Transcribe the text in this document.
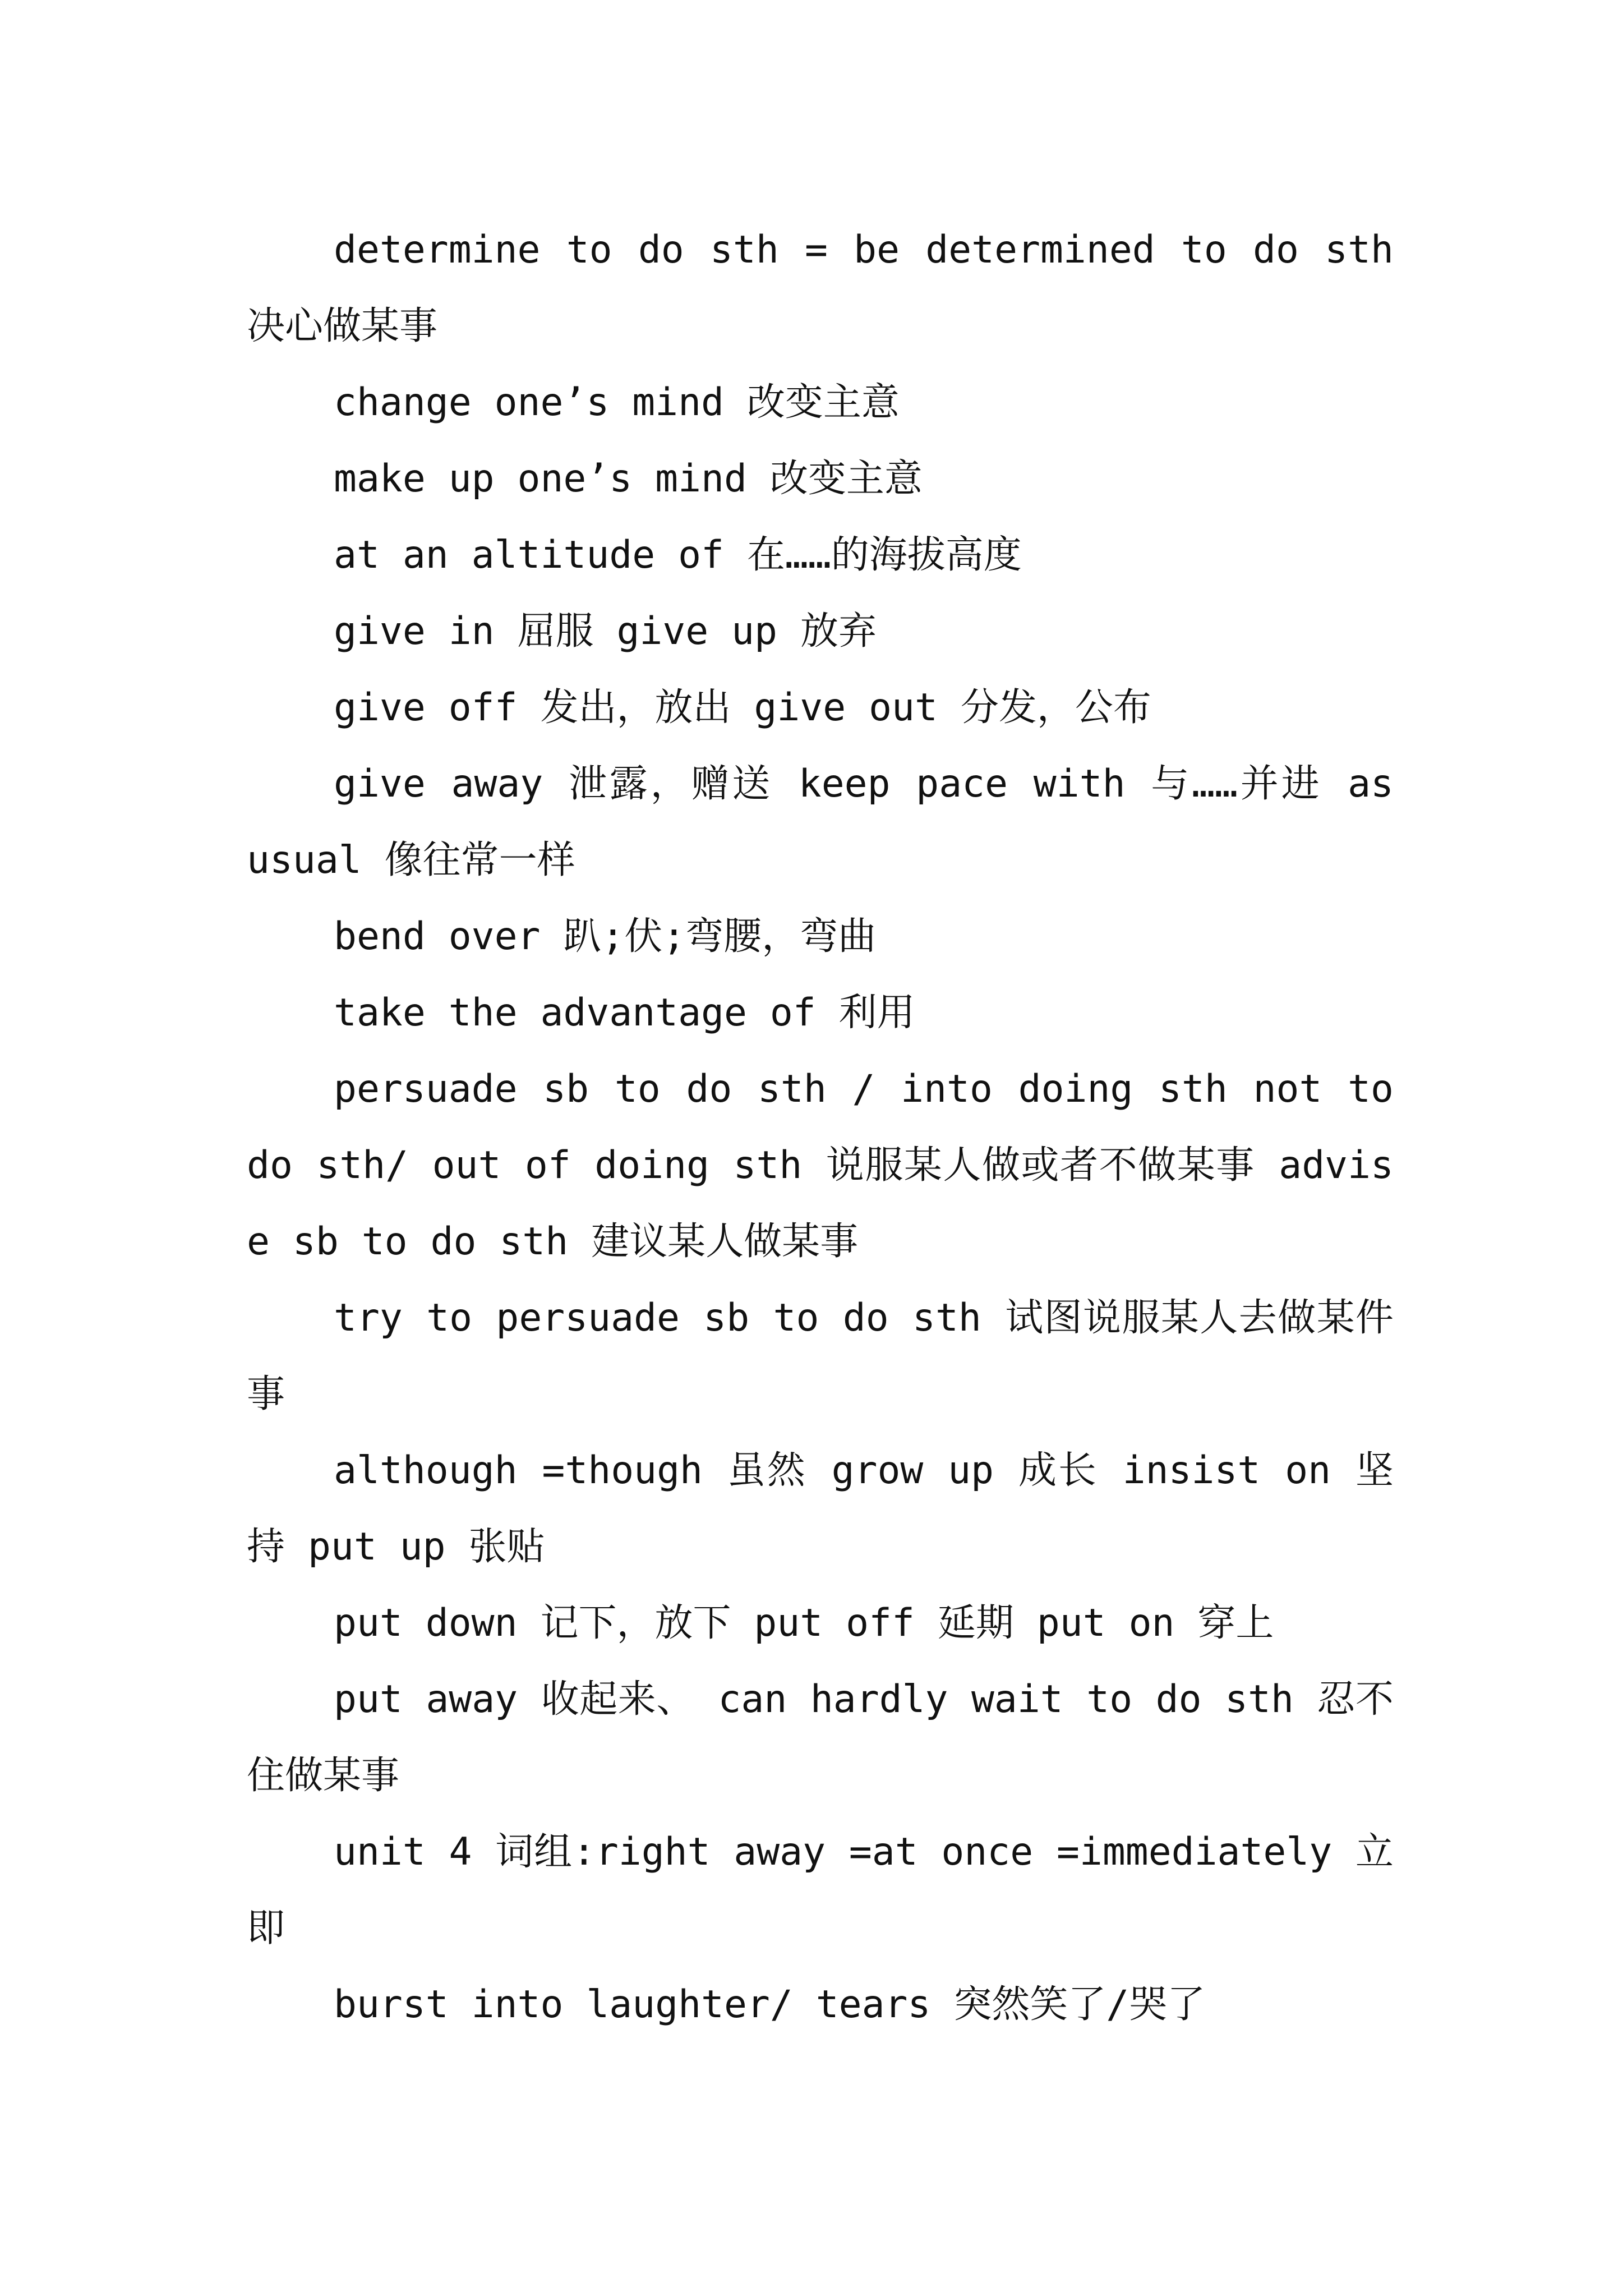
determine to do sth = be determined to do sth 决心做某事

change one’s mind 改变主意

make up one’s mind 改变主意

at an altitude of 在……的海拔高度

give in 屈服 give up 放弃

give off 发出，放出 give out 分发，公布

give away 泄露，赠送 keep pace with 与……并进 as usual 像往常一样

bend over 趴;伏;弯腰，弯曲

take the advantage of 利用

persuade sb to do sth / into doing sth not to do sth/ out of doing sth 说服某人做或者不做某事 advise sb to do sth 建议某人做某事

try to persuade sb to do sth 试图说服某人去做某件事

although =though 虽然 grow up 成长 insist on 坚持 put up 张贴

put down 记下，放下 put off 延期 put on 穿上

put away 收起来、 can hardly wait to do sth 忍不住做某事

unit 4 词组:right away =at once =immediately 立即

burst into laughter/ tears 突然笑了/哭了
